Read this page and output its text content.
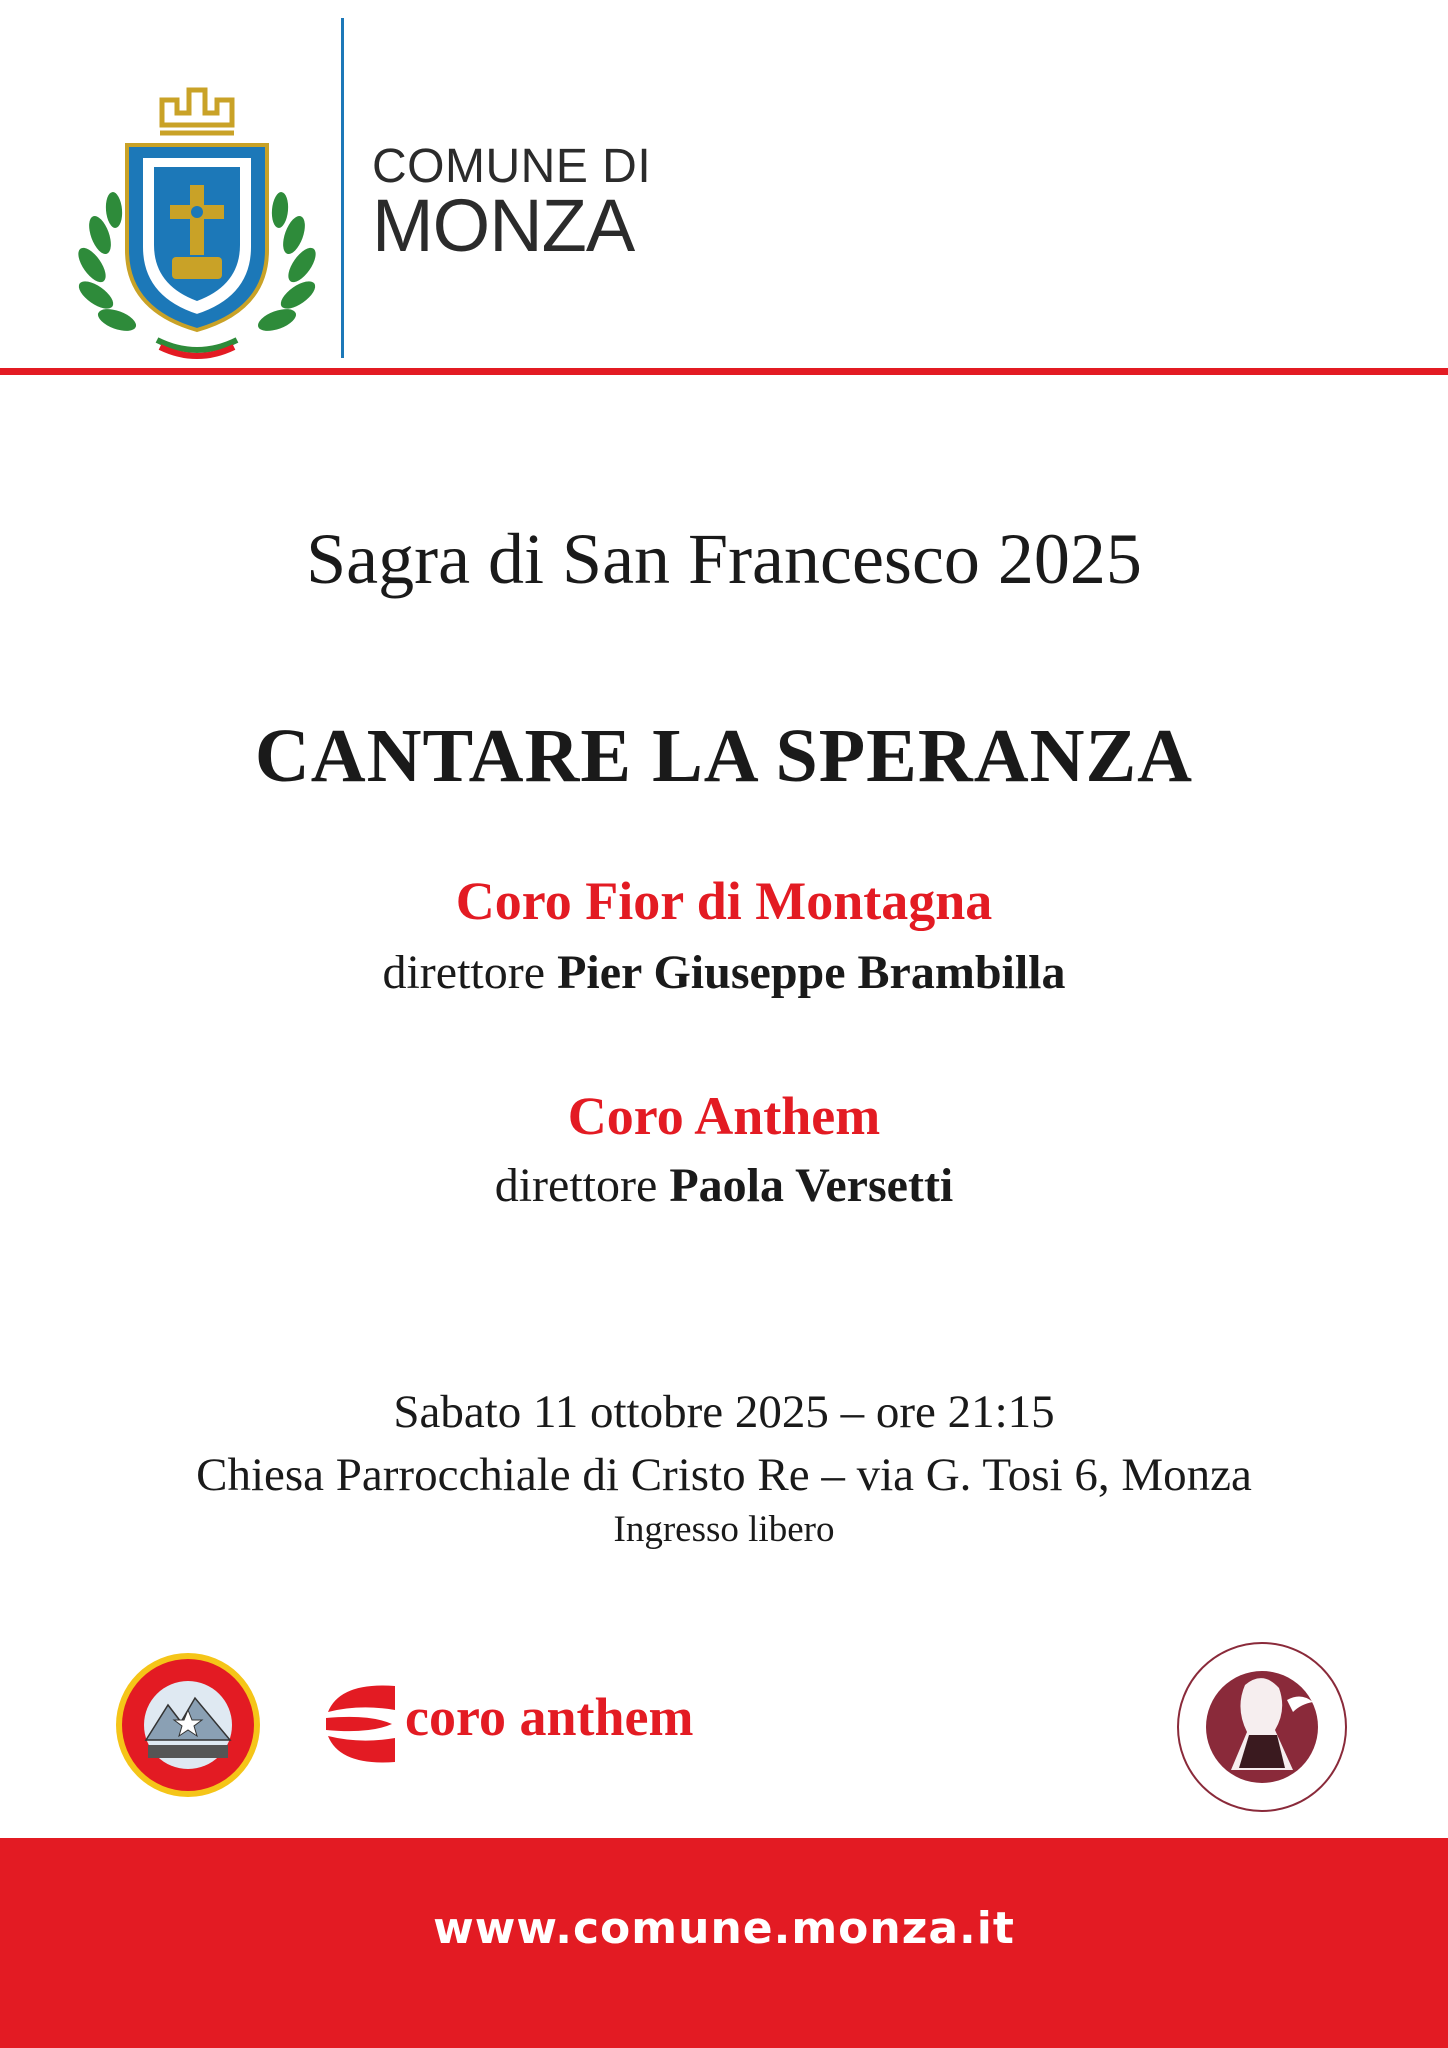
COMUNE DI
MONZA
Sagra di San Francesco 2025
CANTARE LA SPERANZA
Coro Fior di Montagna
direttore Pier Giuseppe Brambilla
Coro Anthem
direttore Paola Versetti
Sabato 11 ottobre 2025 – ore 21:15
Chiesa Parrocchiale di Cristo Re – via G. Tosi 6, Monza
Ingresso libero
coro anthem
www.comune.monza.it
